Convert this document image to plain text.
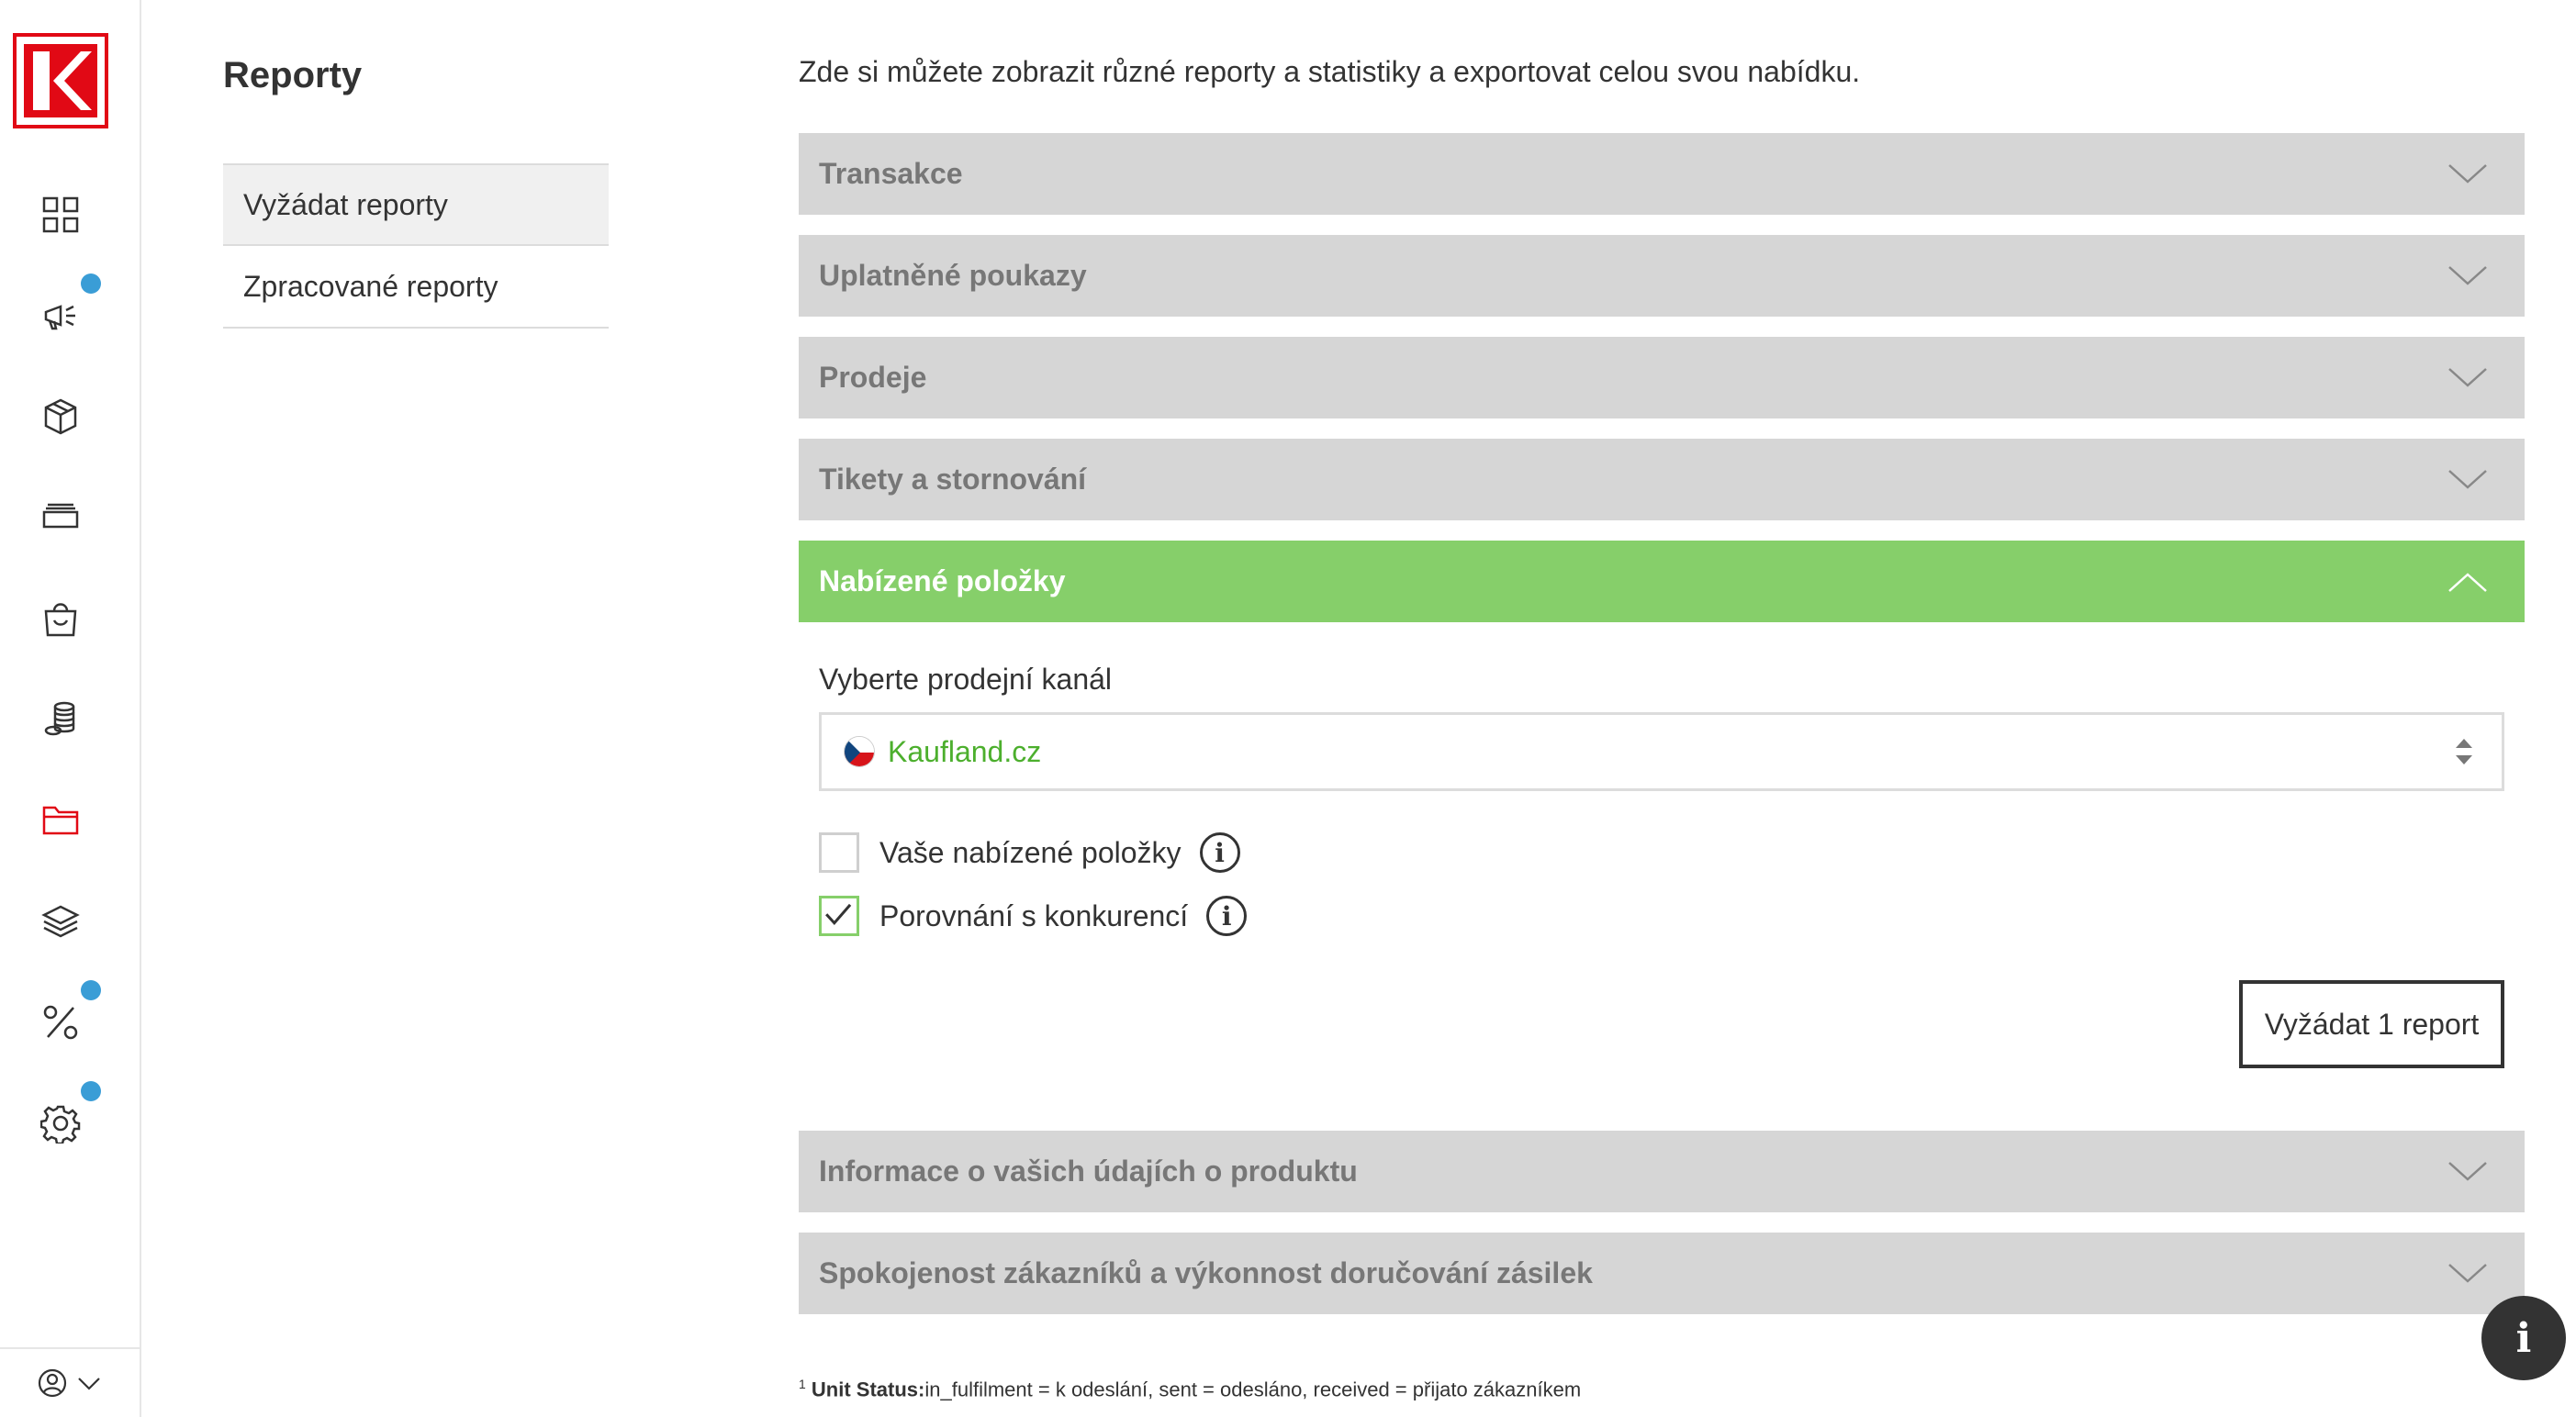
Reporty
Vyžádat reporty
Zpracované reporty

Zde si můžete zobrazit různé reporty a statistiky a exportovat celou svou nabídku.

Transakce
Uplatněné poukazy
Prodeje
Tikety a stornování
Nabízené položky
Vyberte prodejní kanál
Kaufland.cz
Vaše nabízené položky	i
Porovnání s konkurencí	i
Vyžádat 1 report
Informace o vašich údajích o produktu
Spokojenost zákazníků a výkonnost doručování zásilek
$^1$ Unit Status:in_fulfilment = k odeslání, sent = odesláno, received = přijato zákazníkem
i
